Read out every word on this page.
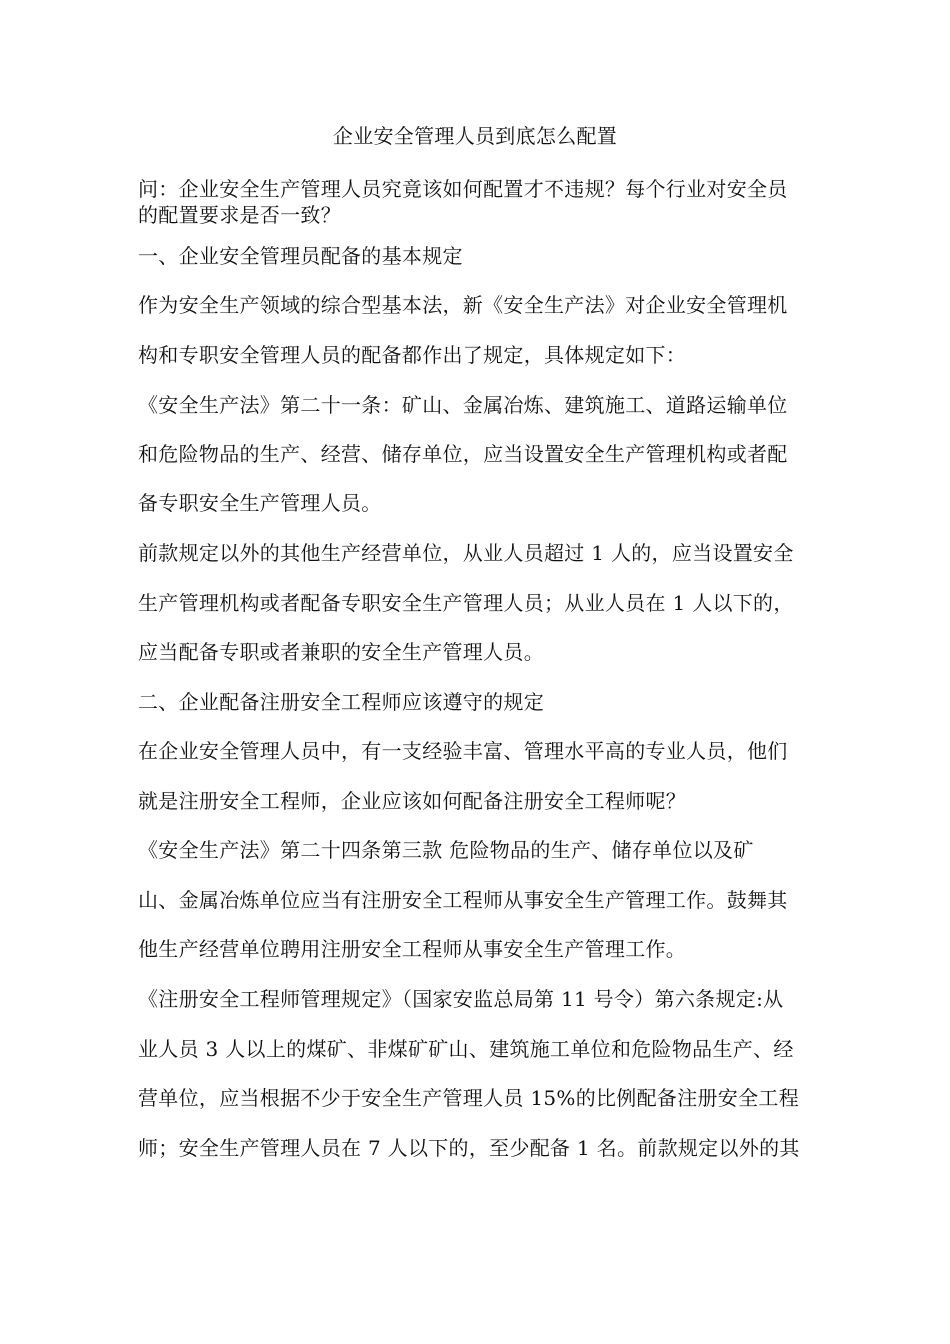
企业安全管理人员到底怎么配置
问：企业安全生产管理人员究竟该如何配置才不违规？每个行业对安全员
的配置要求是否一致？
一、企业安全管理员配备的基本规定
作为安全生产领域的综合型基本法，新《安全生产法》对企业安全管理机
构和专职安全管理人员的配备都作出了规定，具体规定如下：
《安全生产法》第二十一条：矿山、金属冶炼、建筑施工、道路运输单位
和危险物品的生产、经营、储存单位，应当设置安全生产管理机构或者配
备专职安全生产管理人员。
前款规定以外的其他生产经营单位，从业人员超过 1 人的，应当设置安全
生产管理机构或者配备专职安全生产管理人员；从业人员在 1 人以下的，
应当配备专职或者兼职的安全生产管理人员。
二、企业配备注册安全工程师应该遵守的规定
在企业安全管理人员中，有一支经验丰富、管理水平高的专业人员，他们
就是注册安全工程师，企业应该如何配备注册安全工程师呢？
《安全生产法》第二十四条第三款 危险物品的生产、储存单位以及矿
山、金属冶炼单位应当有注册安全工程师从事安全生产管理工作。鼓舞其
他生产经营单位聘用注册安全工程师从事安全生产管理工作。
《注册安全工程师管理规定》（国家安监总局第 11 号令）第六条规定:从
业人员 3 人以上的煤矿、非煤矿矿山、建筑施工单位和危险物品生产、经
营单位，应当根据不少于安全生产管理人员 15%的比例配备注册安全工程
师；安全生产管理人员在 7 人以下的，至少配备 1 名。前款规定以外的其
